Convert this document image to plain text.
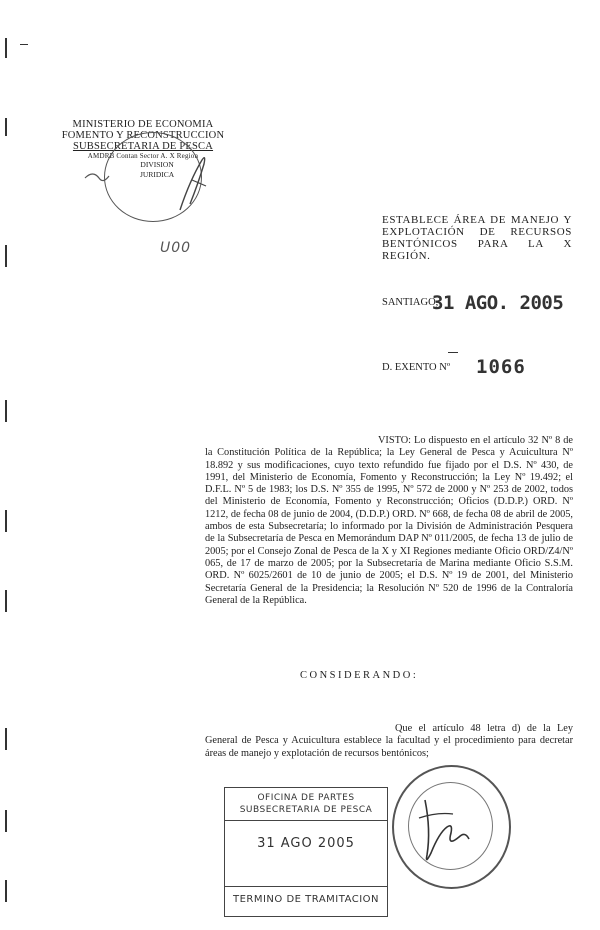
MINISTERIO DE ECONOMIA
FOMENTO Y RECONSTRUCCION
SUBSECRETARIA DE PESCA
AMDRB Contan Sector A. X Region
DIVISION
JURIDICA
U00
ESTABLECE ÁREA DE MANEJO Y EXPLOTACIÓN DE RECURSOS BENTÓNICOS PARA LA X REGIÓN.
SANTIAGO,
31 AGO. 2005
D. EXENTO Nº 1066
VISTO: Lo dispuesto en el artículo 32 Nº 8 de la Constitución Política de la República; la Ley General de Pesca y Acuicultura Nº 18.892 y sus modificaciones, cuyo texto refundido fue fijado por el D.S. Nº 430, de 1991, del Ministerio de Economía, Fomento y Reconstrucción; la Ley Nº 19.492; el D.F.L. Nº 5 de 1983; los D.S. Nº 355 de 1995, Nº 572 de 2000 y Nº 253 de 2002, todos del Ministerio de Economía, Fomento y Reconstrucción; Oficios (D.D.P.) ORD. Nº 1212, de fecha 08 de junio de 2004, (D.D.P.) ORD. Nº 668, de fecha 08 de abril de 2005, ambos de esta Subsecretaría; lo informado por la División de Administración Pesquera de la Subsecretaría de Pesca en Memorándum DAP Nº 011/2005, de fecha 13 de julio de 2005; por el Consejo Zonal de Pesca de la X y XI Regiones mediante Oficio ORD/Z4/Nº 065, de 17 de marzo de 2005; por la Subsecretaría de Marina mediante Oficio S.S.M. ORD. Nº 6025/2601 de 10 de junio de 2005; el D.S. Nº 19 de 2001, del Ministerio Secretaría General de la Presidencia; la Resolución Nº 520 de 1996 de la Contraloría General de la República.
CONSIDERANDO:
Que el artículo 48 letra d) de la Ley General de Pesca y Acuicultura establece la facultad y el procedimiento para decretar áreas de manejo y explotación de recursos bentónicos;
OFICINA DE PARTES
SUBSECRETARIA DE PESCA
31 AGO 2005
TERMINO DE TRAMITACION
